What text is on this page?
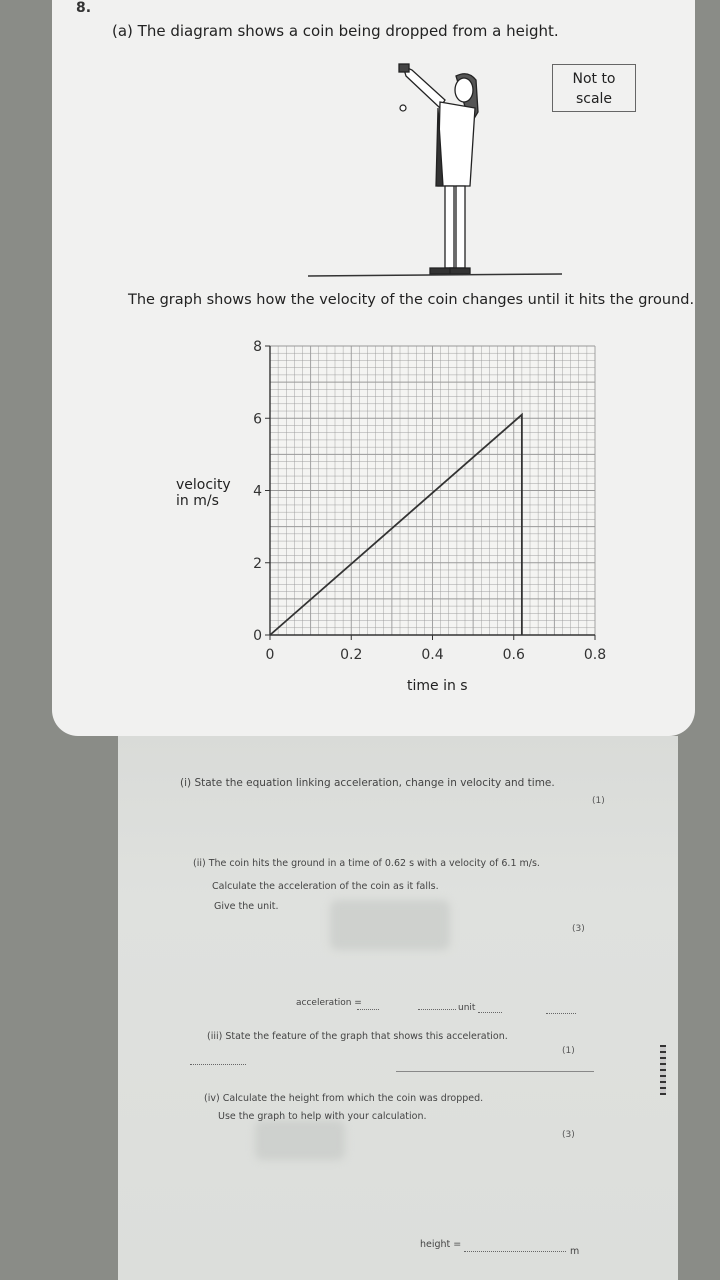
8.
(a) The diagram shows a coin being dropped from a height.
Not to
scale
The graph shows how the velocity of the coin changes until it hits the ground.
velocity
in m/s
time in s
0	0.2	0.4	0.6	0.8
0
2
4
6
8
(i) State the equation linking acceleration, change in velocity and time.
(1)
(ii) The coin hits the ground in a time of 0.62 s with a velocity of 6.1 m/s.
Calculate the acceleration of the coin as it falls.
Give the unit.
(3)
acceleration =	unit
(iii) State the feature of the graph that shows this acceleration.
(1)
(iv) Calculate the height from which the coin was dropped.
Use the graph to help with your calculation.
(3)
height =
m
